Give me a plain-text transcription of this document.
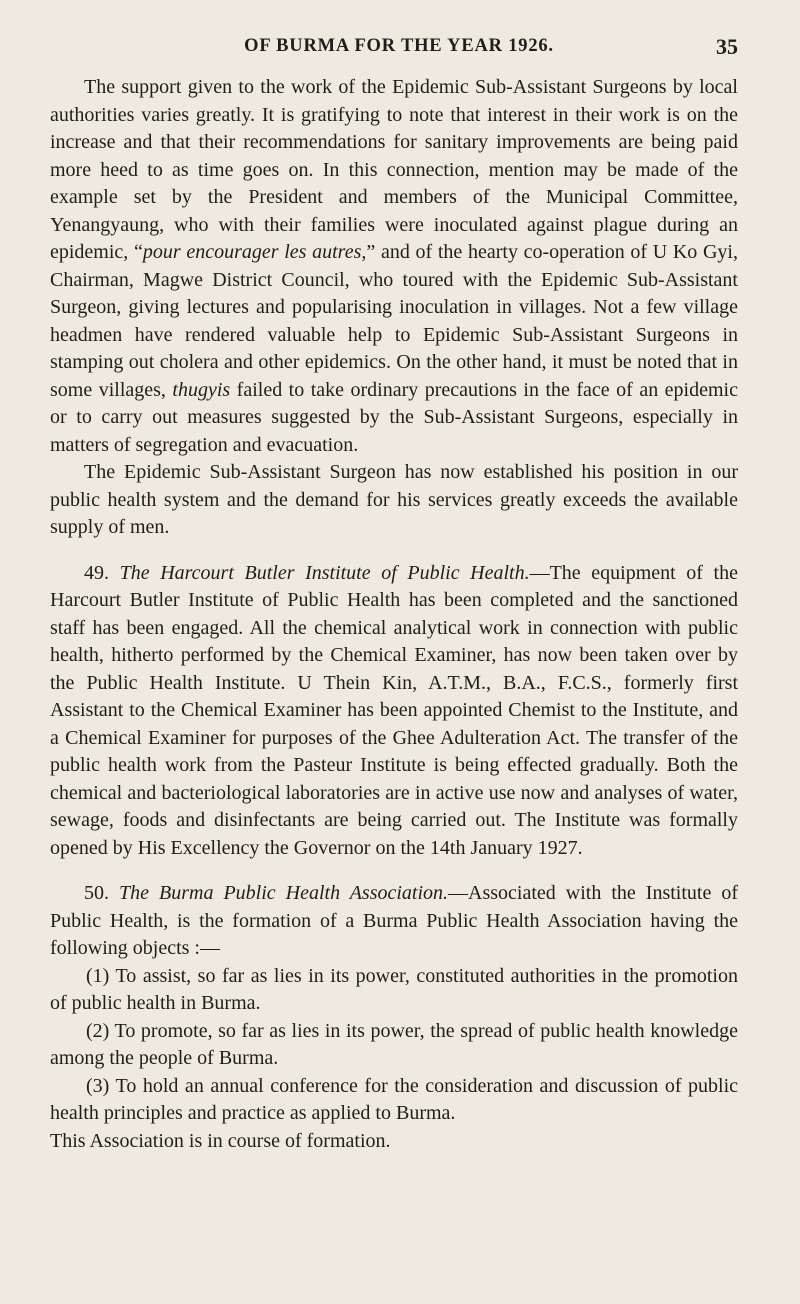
OF BURMA FOR THE YEAR 1926.	35

The support given to the work of the Epidemic Sub-Assistant Surgeons by local authorities varies greatly. It is gratifying to note that interest in their work is on the increase and that their recommendations for sanitary improvements are being paid more heed to as time goes on. In this connection, mention may be made of the example set by the President and members of the Municipal Committee, Yenangyaung, who with their families were inoculated against plague during an epidemic, “pour encourager les autres,” and of the hearty co-operation of U Ko Gyi, Chairman, Magwe District Council, who toured with the Epidemic Sub-Assistant Surgeon, giving lectures and popularising inoculation in villages. Not a few village headmen have rendered valuable help to Epidemic Sub-Assistant Surgeons in stamping out cholera and other epidemics. On the other hand, it must be noted that in some villages, thugyis failed to take ordinary precautions in the face of an epidemic or to carry out measures suggested by the Sub-Assistant Surgeons, especially in matters of segregation and evacuation.

The Epidemic Sub-Assistant Surgeon has now established his position in our public health system and the demand for his services greatly exceeds the available supply of men.

49. The Harcourt Butler Institute of Public Health.—The equipment of the Harcourt Butler Institute of Public Health has been completed and the sanctioned staff has been engaged. All the chemical analytical work in connection with public health, hitherto performed by the Chemical Examiner, has now been taken over by the Public Health Institute. U Thein Kin, A.T.M., B.A., F.C.S., formerly first Assistant to the Chemical Examiner has been appointed Chemist to the Institute, and a Chemical Examiner for purposes of the Ghee Adulteration Act. The transfer of the public health work from the Pasteur Institute is being effected gradually. Both the chemical and bacteriological laboratories are in active use now and analyses of water, sewage, foods and disinfectants are being carried out. The Institute was formally opened by His Excellency the Governor on the 14th January 1927.

50. The Burma Public Health Association.—Associated with the Institute of Public Health, is the formation of a Burma Public Health Association having the following objects :—

(1) To assist, so far as lies in its power, constituted authorities in the promotion of public health in Burma.

(2) To promote, so far as lies in its power, the spread of public health knowledge among the people of Burma.

(3) To hold an annual conference for the consideration and discussion of public health principles and practice as applied to Burma.

This Association is in course of formation.
